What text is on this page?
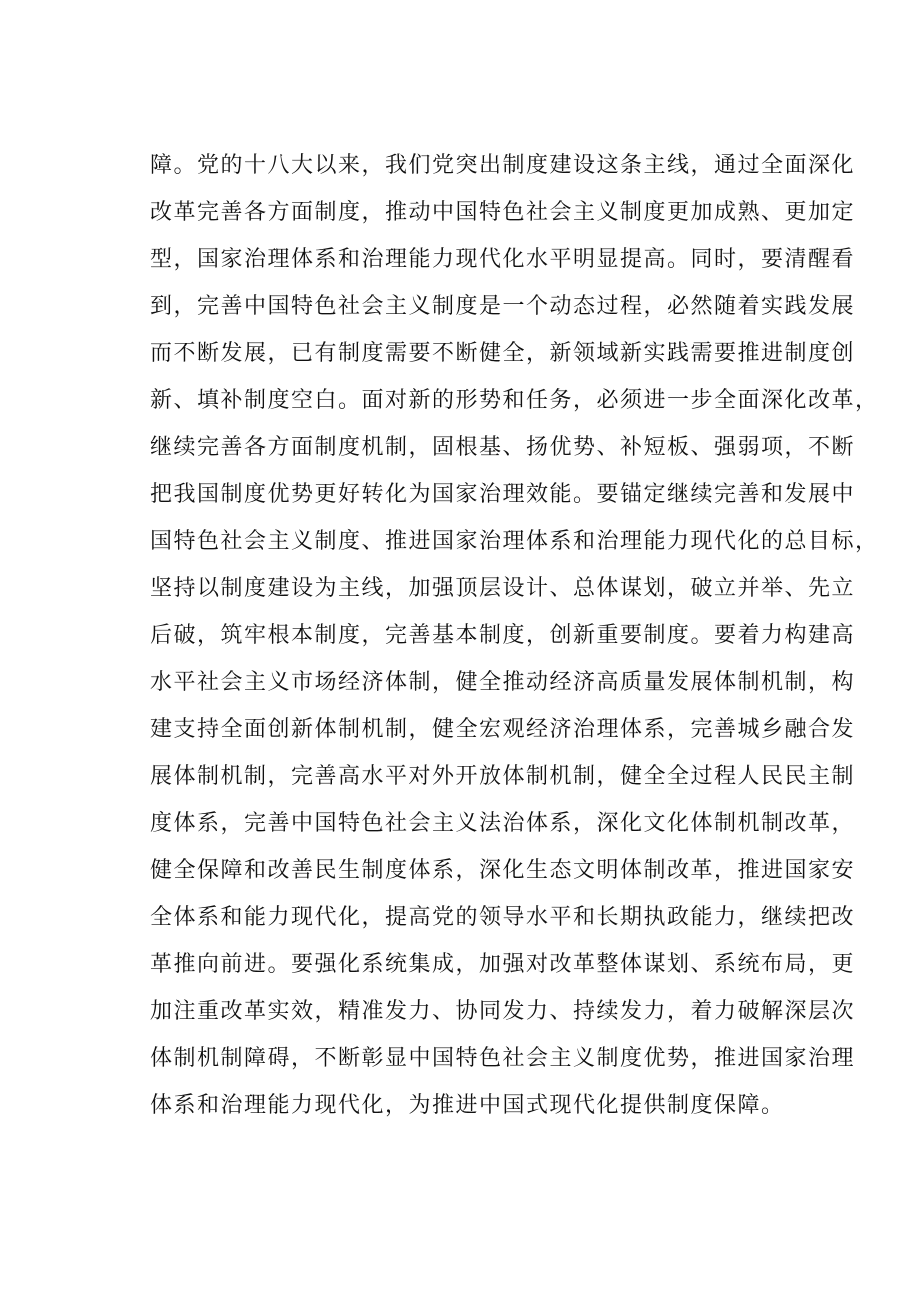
障。党的十八大以来，我们党突出制度建设这条主线，通过全面深化
改革完善各方面制度，推动中国特色社会主义制度更加成熟、更加定
型，国家治理体系和治理能力现代化水平明显提高。同时，要清醒看
到，完善中国特色社会主义制度是一个动态过程，必然随着实践发展
而不断发展，已有制度需要不断健全，新领域新实践需要推进制度创
新、填补制度空白。面对新的形势和任务，必须进一步全面深化改革，
继续完善各方面制度机制，固根基、扬优势、补短板、强弱项，不断
把我国制度优势更好转化为国家治理效能。要锚定继续完善和发展中
国特色社会主义制度、推进国家治理体系和治理能力现代化的总目标，
坚持以制度建设为主线，加强顶层设计、总体谋划，破立并举、先立
后破，筑牢根本制度，完善基本制度，创新重要制度。要着力构建高
水平社会主义市场经济体制，健全推动经济高质量发展体制机制，构
建支持全面创新体制机制，健全宏观经济治理体系，完善城乡融合发
展体制机制，完善高水平对外开放体制机制，健全全过程人民民主制
度体系，完善中国特色社会主义法治体系，深化文化体制机制改革，
健全保障和改善民生制度体系，深化生态文明体制改革，推进国家安
全体系和能力现代化，提高党的领导水平和长期执政能力，继续把改
革推向前进。要强化系统集成，加强对改革整体谋划、系统布局，更
加注重改革实效，精准发力、协同发力、持续发力，着力破解深层次
体制机制障碍，不断彰显中国特色社会主义制度优势，推进国家治理
体系和治理能力现代化，为推进中国式现代化提供制度保障。
